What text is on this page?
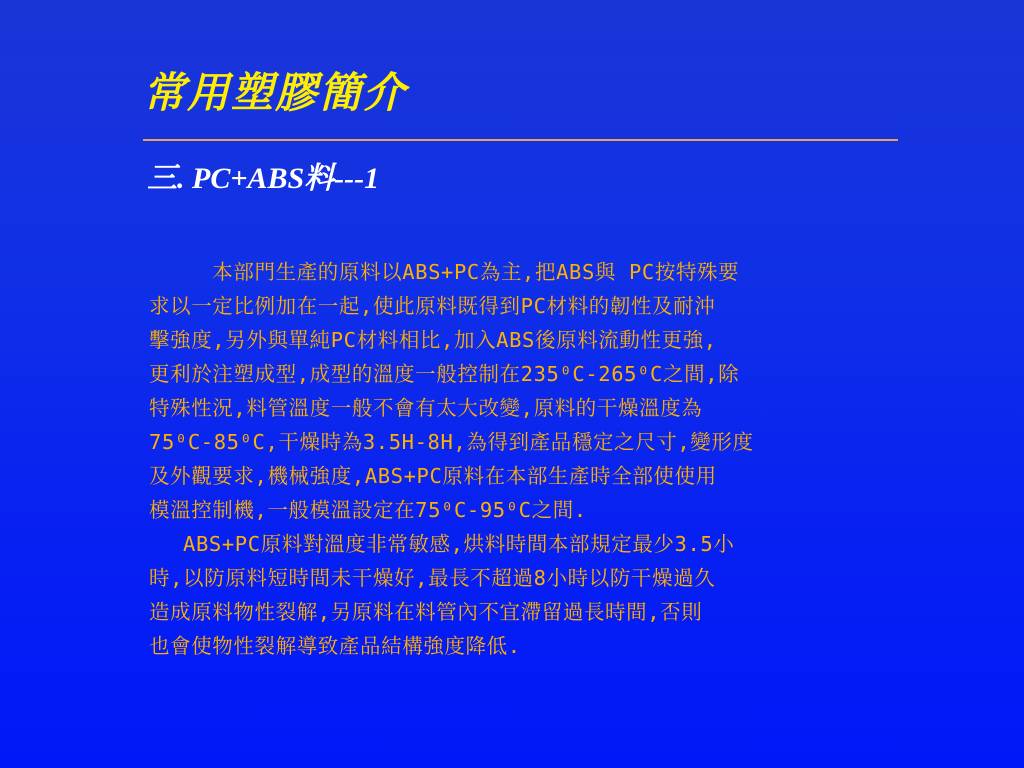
常用塑膠簡介
三. PC+ABS料---1
　　　本部門生產的原料以ABS+PC為主,把ABS與 PC按特殊要
求以一定比例加在一起,使此原料既得到PC材料的韌性及耐沖
擊強度,另外與單純PC材料相比,加入ABS後原料流動性更強,
更利於注塑成型,成型的溫度一般控制在235⁰C-265⁰C之間,除
特殊性況,料管溫度一般不會有太大改變,原料的干燥溫度為
75⁰C-85⁰C,干燥時為3.5H-8H,為得到產品穩定之尺寸,變形度
及外觀要求,機械強度,ABS+PC原料在本部生產時全部使使用
模溫控制機,一般模溫設定在75⁰C-95⁰C之間.
　 ABS+PC原料對溫度非常敏感,烘料時間本部規定最少3.5小
時,以防原料短時間未干燥好,最長不超過8小時以防干燥過久
造成原料物性裂解,另原料在料管內不宜滯留過長時間,否則
也會使物性裂解導致產品結構強度降低.
